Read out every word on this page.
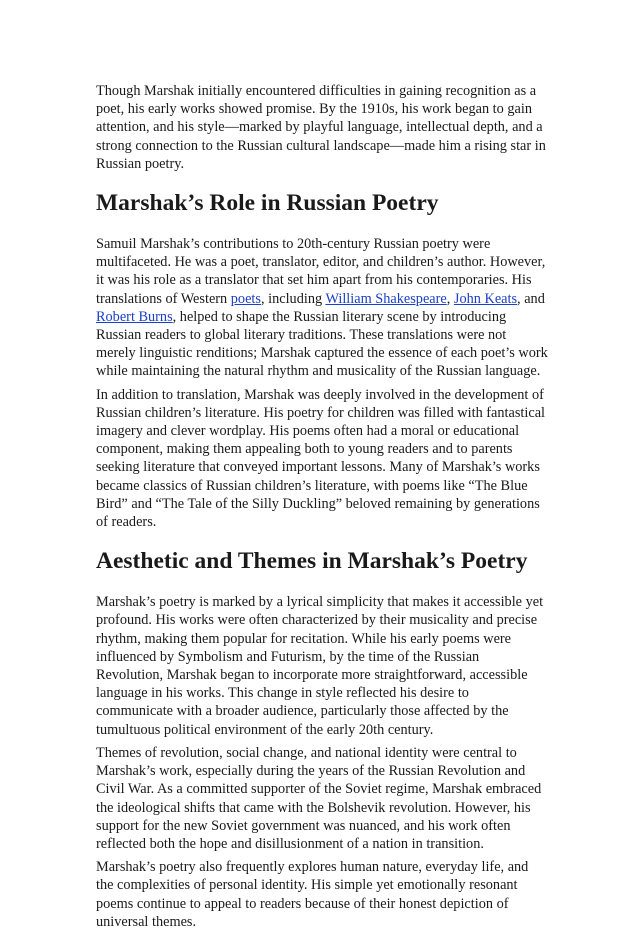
Though Marshak initially encountered difficulties in gaining recognition as a poet, his early works showed promise. By the 1910s, his work began to gain attention, and his style—marked by playful language, intellectual depth, and a strong connection to the Russian cultural landscape—made him a rising star in Russian poetry.

Marshak’s Role in Russian Poetry

Samuil Marshak’s contributions to 20th-century Russian poetry were multifaceted. He was a poet, translator, editor, and children’s author. However, it was his role as a translator that set him apart from his contemporaries. His translations of Western poets, including William Shakespeare, John Keats, and Robert Burns, helped to shape the Russian literary scene by introducing Russian readers to global literary traditions. These translations were not merely linguistic renditions; Marshak captured the essence of each poet’s work while maintaining the natural rhythm and musicality of the Russian language.

In addition to translation, Marshak was deeply involved in the development of Russian children’s literature. His poetry for children was filled with fantastical imagery and clever wordplay. His poems often had a moral or educational component, making them appealing both to young readers and to parents seeking literature that conveyed important lessons. Many of Marshak’s works became classics of Russian children’s literature, with poems like “The Blue Bird” and “The Tale of the Silly Duckling” beloved remaining by generations of readers.

Aesthetic and Themes in Marshak’s Poetry

Marshak’s poetry is marked by a lyrical simplicity that makes it accessible yet profound. His works were often characterized by their musicality and precise rhythm, making them popular for recitation. While his early poems were influenced by Symbolism and Futurism, by the time of the Russian Revolution, Marshak began to incorporate more straightforward, accessible language in his works. This change in style reflected his desire to communicate with a broader audience, particularly those affected by the tumultuous political environment of the early 20th century.

Themes of revolution, social change, and national identity were central to Marshak’s work, especially during the years of the Russian Revolution and Civil War. As a committed supporter of the Soviet regime, Marshak embraced the ideological shifts that came with the Bolshevik revolution. However, his support for the new Soviet government was nuanced, and his work often reflected both the hope and disillusionment of a nation in transition.

Marshak’s poetry also frequently explores human nature, everyday life, and the complexities of personal identity. His simple yet emotionally resonant poems continue to appeal to readers because of their honest depiction of universal themes.
